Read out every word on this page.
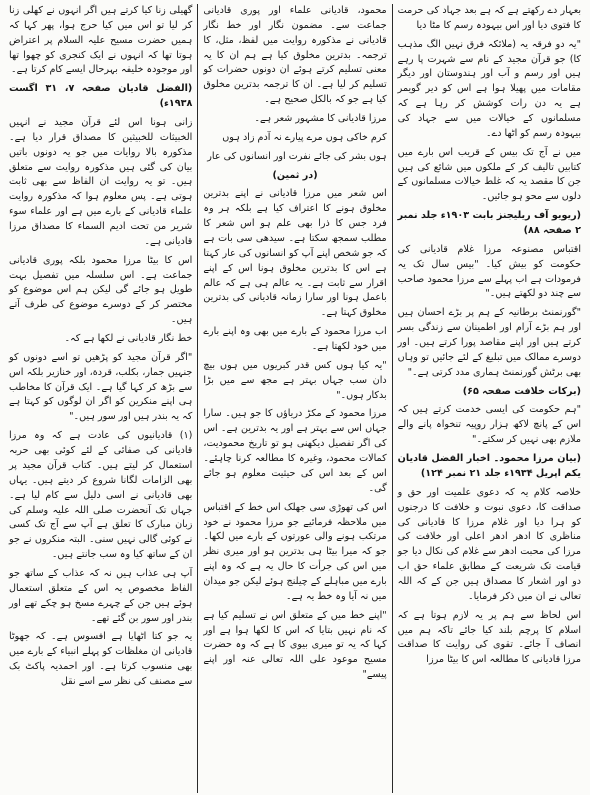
بعہار دے رکھتے ہے کہ ہے بعد جہاد کی حرمت کا فتوی دیا اور اس بیہودہ رسم کا مٹا دیا

"یہ دو فرقہ یہ (ملائکہ فرق نہیں الگ مذہب کا) جو قرآن مجید کے نام سے شہرت پا رہے ہیں اور رسم و آب اور ہندوستان اور دیگر مقامات میں پھیلا ہوا ہے اس کو دیر گویمر ہے یہ دن رات کوشش کر رہا ہے کہ مسلمانوں کے خیالات میں سے جہاد کی بیہودہ رسم کو اٹھا دے۔

میں نے آج تک بیس کے قریب اس بارے میں کتابیں تالیف کر کے ملکوں میں شائع کی ہیں جن کا مقصد یہ کہ غلط خیالات مسلمانوں کے دلوں سے محو ہو جائیں۔

(ریویو آف ریلیجنز بابت ۱۹۰۳ء جلد نمبر ۲ صفحہ ۸۸)

اقتباس مصنوعہ مرزا غلام قادیانی کی حکومت کو بیش کیا۔ "بیس سال تک یہ فرمودات ہے اب پہلے سے مرزا محمود صاحب سے چند دو لکھتے ہیں۔"

"گورنمنٹ برطانیہ کے ہم پر بڑے احسان ہیں اور ہم بڑے آرام اور اطمینان سے زندگی بسر کرتے ہیں اور اپنے مقاصد پورا کرتے ہیں۔ اور دوسرے ممالک میں تبلیغ کے لئے جائیں تو وہاں بھی برٹش گورنمنٹ ہماری مدد کرتی ہے۔"

(برکات خلافت صفحہ ۶۵)

"ہم حکومت کی ایسی خدمت کرتے ہیں کہ اس کے پانچ لاکھ ہزار روپیہ تنخواہ پانے والے ملازم بھی نہیں کر سکتے۔"

(بیان مرزا محمود۔ اخبار الفضل قادیان یکم اپریل ۱۹۳۴ء جلد ۲۱ نمبر ۱۲۴)

خلاصہ کلام یہ کہ دعوی علمیت اور حق و صداقت کا، دعوی نبوت و خلافت کا درجنوں کو ہرا دیا اور غلام مرزا کا قادیانی کی مناظری کا ادھر ادھر اعلی اور خلافت کی مرزا کی محبت ادھر سے غلام کی نکال دیا جو قیامت تک شریعت کے مطابق علماء حق اب دو اور اشعار کا مصداق ہیں جن کے کہ اللہ تعالی نے ان میں ذکر فرمایا۔

اس لحاظ سے ہم پر یہ لازم ہوتا ہے کہ اسلام کا پرچم بلند کیا جائے تاکہ ہم میں انصاف آ جائے۔ تقوی کی روایت کا صداقت مرزا قادیانی کا مطالعہ اس کا بیٹا مرزا

محمود، قادیانی علماء اور پوری قادیانی جماعت سے۔ مضمون نگار اور خط نگار قادیانی نے مذکورہ روایت میں لفظ، مثل، کا ترجمہ۔ بدترین مخلوق کیا ہے ہم ان کا یہ معنی تسلیم کرتے ہوئے ان دونوں حضرات کو تسلیم کر لیا ہے۔ ان کا ترجمہ بدترین مخلوق کیا ہے جو کہ بالکل صحیح ہے۔

مرزا قادیانی کا مشہور شعر ہے۔

کرم خاکی ہوں مرے پیارے نہ آدم زاد ہوں

ہوں بشر کی جائے نفرت اور انسانوں کی عار

(در ثمین)

اس شعر میں مرزا قادیانی نے اپنے بدترین مخلوق ہونے کا اعتراف کیا ہے بلکہ ہر وہ فرد جس کا ذرا بھی علم ہو اس شعر کا مطلب سمجھ سکتا ہے۔ سیدھی سی بات ہے کہ جو شخص اپنے آپ کو انسانوں کی عار کہتا ہے اس کا بدترین مخلوق ہونا اس کے اپنے اقرار سے ثابت ہے۔ یہ عالم ہی ہے کہ عالم باعمل ہونا اور سارا زمانہ قادیانی کی بدترین مخلوق کہتا ہے۔

اب مرزا محمود کے بارے میں بھی وہ اپنے بارے میں خود لکھتا ہے۔

"یہ کیا ہوں کس قدر کبریوں میں ہوں بیچ دان سب جہاں بہتر ہے مجھ سے میں بڑا بدکار ہوں۔"

مرزا محمود کے مکڑ دریاؤں کا جو ہیں۔ سارا جہاں اس سے بہتر ہے اور یہ بدترین ہے۔ اس کی اگر تفصیل دیکھنی ہو تو تاریخ محمودیت، کمالات محمود، وغیرہ کا مطالعہ کرنا چاہئے۔ اس کے بعد اس کی حیثیت معلوم ہو جائے گی۔

اس کی تھوڑی سی جھلک اس خط کے اقتباس میں ملاحظہ فرمائیے جو مرزا محمود نے خود مرتکب ہونے والی عورتوں کے بارے میں لکھا۔ جو کہ میرا بیٹا ہی بدترین ہو اور میری نظر میں اس کی جرأت کا حال یہ ہے کہ وہ اپنے بارے میں مباہلے کے چیلنج ہوئے لیکن جو میدان میں نہ آیا وہ خط یہ ہے۔

"اپنے خط میں کے متعلق اس نے تسلیم کیا ہے کہ نام نہیں بتایا کہ اس کا لکھا ہوا ہے اور کہا کہ یہ تو میری بیوی کا ہے کہ وہ حضرت مسیح موعود علی اللہ تعالی عنہ اور اپنے پیسے"

گھیلی زنا کیا کرتے ہیں اگر انہوں نے کھلی زنا کر لیا تو اس میں کیا حرج ہوا، پھر کہا کہ ہمیں حضرت مسیح علیہ السلام پر اعتراض ہوتا تھا کہ انہوں نے ایک کنجری کو چھوا تھا اور موجودہ خلیفہ بہرحال ایسے کام کرتا ہے۔

(الفضل قادیان صفحہ ۷، ۳۱ اگست ۱۹۳۸ء)

زانی ہونا اس لئے قرآن مجید نے انہیں الخبیثات للخبیثین کا مصداق قرار دیا ہے۔ مذکورہ بالا روایات میں جو یہ دونوں باتیں بیان کی گئی ہیں مذکورہ روایت سے متعلق ہیں۔ تو یہ روایت ان الفاظ سے بھی ثابت ہوتی ہے۔ پس معلوم ہوا کہ مذکورہ روایت علماء قادیانی کے بارے میں ہے اور علماء سوء شریر من تحت ادیم السماء کا مصداق مرزا قادیانی ہے۔

اس کا بیٹا مرزا محمود بلکہ پوری قادیانی جماعت ہے۔ اس سلسلہ میں تفصیل بہت طویل ہو جائے گی لیکن ہم اس موضوع کو مختصر کر کے دوسرے موضوع کی طرف آتے ہیں۔

خط نگار قادیانی نے لکھا ہے کہ۔

"اگر قرآن مجید کو پڑھیں تو اسے دونوں کو جنہیں جمار، بکلب، قردة، اور خنازیر بلکہ اس سے بڑھ کر کہا گیا ہے۔ ایک قرآن کا مخاطب ہی اپنے منکرین کو اگر ان لوگوں کو کہتا ہے کہ یہ بندر ہیں اور سور ہیں۔"

(۱) قادیانیوں کی عادت ہے کہ وہ مرزا قادیانی کی صفائی کے لئے کوئی بھی حربہ استعمال کر لیتے ہیں۔ کتاب قرآن مجید پر بھی الزامات لگانا شروع کر دیتے ہیں۔ یہاں بھی قادیانی نے اسی دلیل سے کام لیا ہے۔ جہاں تک آنحضرت صلی اللہ علیہ وسلم کی زبان مبارک کا تعلق ہے آپ سے آج تک کسی نے کوئی گالی نہیں سنی۔ البتہ منکروں نے جو ان کے ساتھ کیا وہ سب جانتے ہیں۔

آپ ہی عذاب ہیں نہ کہ عذاب کے ساتھ جو الفاظ مخصوص یہ اس کے متعلق استعمال ہوئے ہیں جن کے چہرے مسخ ہو چکے تھے اور بندر اور سور بن گئے تھے۔

یہ جو کتا اٹھایا ہے افسوس ہے۔ کہ جھوٹا قادیانی ان مغلظات کو پہلے انبیاء کے بارے میں بھی منسوب کرتا ہے۔ اور احمدیہ پاکٹ بک سے مصنف کی نظر سے اسے نقل
